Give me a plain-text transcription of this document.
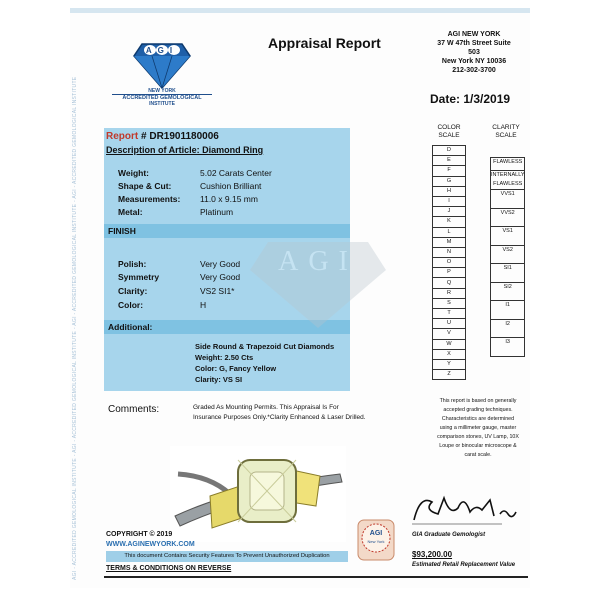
AGI - ACCREDITED GEMOLOGICAL INSTITUTE - AGI - ACCREDITED GEMOLOGICAL INSTITUTE - AGI - ACCREDITED GEMOLOGICAL INSTITUTE - AGI - ACCREDITED GEMOLOGICAL INSTITUTE
AGI
NEW YORK
ACCREDITED GEMOLOGICAL
INSTITUTE
Appraisal Report
AGI NEW YORK
37 W 47th Street Suite 503
New York NY 10036
212-302-3700
Date: 1/3/2019
Report # DR1901180006
Description of Article: Diamond Ring
Weight:	5.02 Carats Center
Shape & Cut:	Cushion Brilliant
Measurements: 11.0 x 9.15 mm
Metal:	Platinum
FINISH
Polish:	Very Good
Symmetry	Very Good
Clarity:	VS2 SI1*
Color:	H
Additional:
Side Round & Trapezoid Cut Diamonds
Weight: 2.50 Cts
Color: G, Fancy Yellow
Clarity: VS SI
AGI
Comments:	Graded As Mounting Permits. This Appraisal Is For
Insurance Purposes Only.*Clarity Enhanced & Laser Drilled.
COLOR
SCALE
D
E
F
G
H
I
J
K
L
M
N
O
P
Q
R
S
T
U
V
W
X
Y
Z
CLARITY
SCALE
FLAWLESS
INTERNALLY FLAWLESS
VVS1
VVS2
VS1
VS2
SI1
SI2
I1
I2
I3
This report is based on generally
accepted grading techniques.
Characteristics are determined
using a millimeter gauge, master
comparison stones, UV Lamp, 10X
Loupe or binocular microscope &
carat scale.
AGI
New York
GIA Graduate Gemologist
$93,200.00
Estimated Retail Replacement Value
COPYRIGHT © 2019
WWW.AGINEWYORK.COM
This document Contains Security Features To Prevent Unauthorized Duplication
TERMS & CONDITIONS ON REVERSE
